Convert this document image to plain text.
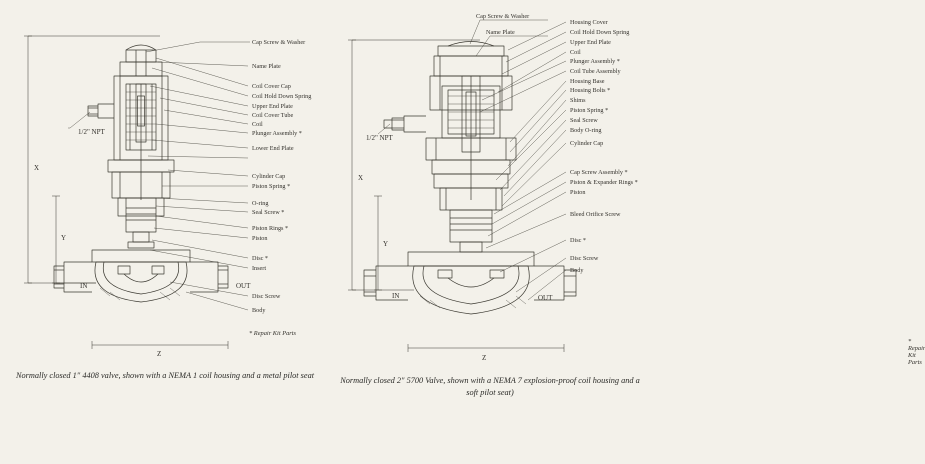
X
Y
Z
IN	OUT
1/2" NPT
Cap Screw & Washer
Name Plate
Coil Cover Cap
Coil Hold Down Spring
Upper End Plate
Coil Cover Tube
Coil
Plunger Assembly *
Lower End Plate
Cylinder Cap
Piston Spring *
O-ring
Seal Screw *
Piston Rings *
Piston
Disc *
Insert
Disc Screw
Body
* Repair Kit Parts
X
Y
Z
IN	OUT
1/2" NPT
Cap Screw & Washer
Name Plate
Housing Cover
Coil Hold Down Spring
Upper End Plate
Coil
Plunger Assembly *
Coil Tube Assembly
Housing Base
Housing Bolts *
Shims
Piston Spring *
Seal Screw
Body O-ring
Cylinder Cap
Cap Screw Assembly *
Piston & Expander Rings *
Piston
Bleed Orifice Screw
Disc *
Disc Screw
Body
* Repair Kit Parts
Normally closed 1″ 4408 valve, shown with a NEMA 1 coil housing and a metal pilot seat
Normally closed 2″ 5700 Valve, shown with a NEMA 7 explosion-proof coil housing and a soft pilot seat)
